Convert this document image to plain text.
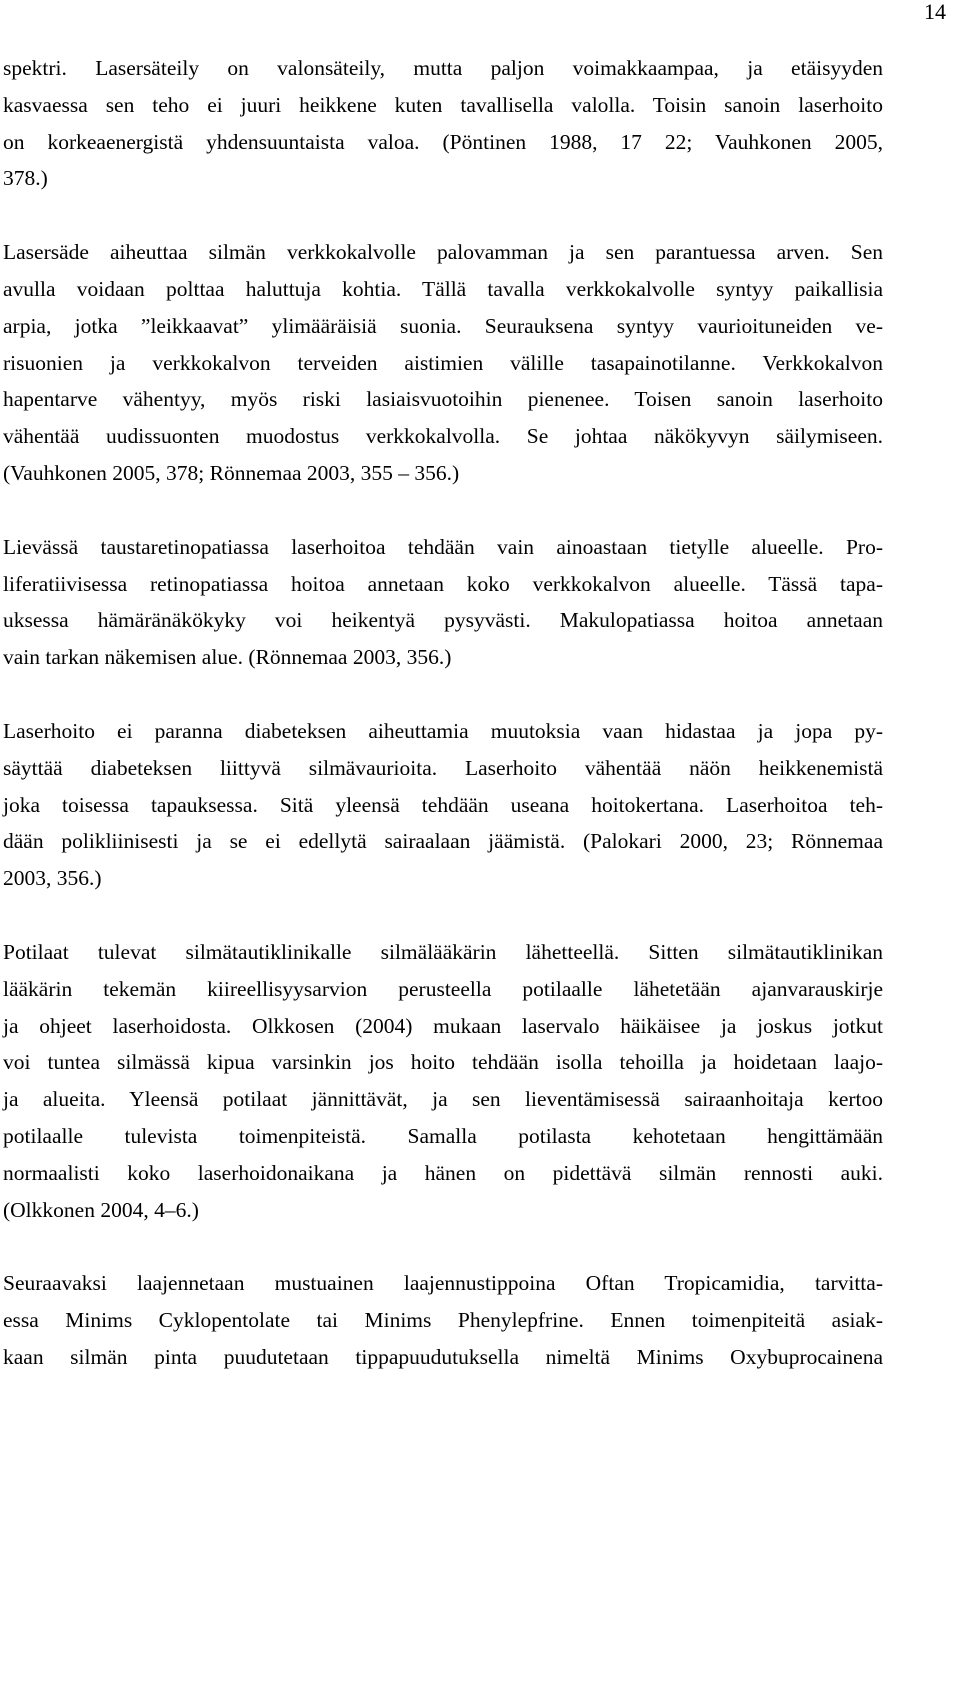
14

spektri. Lasersäteily on valonsäteily, mutta paljon voimakkaampaa, ja etäisyyden
kasvaessa sen teho ei juuri heikkene kuten tavallisella valolla. Toisin sanoin laserhoito
on korkeaenergistä yhdensuuntaista valoa. (Pöntinen 1988, 17 22; Vauhkonen 2005,
378.)

Lasersäde aiheuttaa silmän verkkokalvolle palovamman ja sen parantuessa arven. Sen
avulla voidaan polttaa haluttuja kohtia. Tällä tavalla verkkokalvolle syntyy paikallisia
arpia, jotka ”leikkaavat” ylimääräisiä suonia. Seurauksena syntyy vaurioituneiden ve-
risuonien ja verkkokalvon terveiden aistimien välille tasapainotilanne. Verkkokalvon
hapentarve vähentyy, myös riski lasiaisvuotoihin pienenee. Toisen sanoin laserhoito
vähentää uudissuonten muodostus verkkokalvolla. Se johtaa näkökyvyn säilymiseen.
(Vauhkonen 2005, 378; Rönnemaa 2003, 355 – 356.)

Lievässä taustaretinopatiassa laserhoitoa tehdään vain ainoastaan tietylle alueelle. Pro-
liferatiivisessa retinopatiassa hoitoa annetaan koko verkkokalvon alueelle. Tässä tapa-
uksessa hämäränäkökyky voi heikentyä pysyvästi. Makulopatiassa hoitoa annetaan
vain tarkan näkemisen alue. (Rönnemaa 2003, 356.)

Laserhoito ei paranna diabeteksen aiheuttamia muutoksia vaan hidastaa ja jopa py-
säyttää diabeteksen liittyvä silmävaurioita. Laserhoito vähentää näön heikkenemistä
joka toisessa tapauksessa. Sitä yleensä tehdään useana hoitokertana. Laserhoitoa teh-
dään polikliinisesti ja se ei edellytä sairaalaan jäämistä. (Palokari 2000, 23; Rönnemaa
2003, 356.)

Potilaat tulevat silmätautiklinikalle silmälääkärin lähetteellä. Sitten silmätautiklinikan
lääkärin tekemän kiireellisyysarvion perusteella potilaalle lähetetään ajanvarauskirje
ja ohjeet laserhoidosta. Olkkosen (2004) mukaan laservalo häikäisee ja joskus jotkut
voi tuntea silmässä kipua varsinkin jos hoito tehdään isolla tehoilla ja hoidetaan laajo-
ja alueita. Yleensä potilaat jännittävät, ja sen lieventämisessä sairaanhoitaja kertoo
potilaalle tulevista toimenpiteistä. Samalla potilasta kehotetaan hengittämään
normaalisti koko laserhoidonaikana ja hänen on pidettävä silmän rennosti auki.
(Olkkonen 2004, 4–6.)

Seuraavaksi laajennetaan mustuainen laajennustippoina Oftan Tropicamidia, tarvitta-
essa Minims Cyklopentolate tai Minims Phenylepfrine. Ennen toimenpiteitä asiak-
kaan silmän pinta puudutetaan tippapuudutuksella nimeltä Minims Oxybuprocainena
